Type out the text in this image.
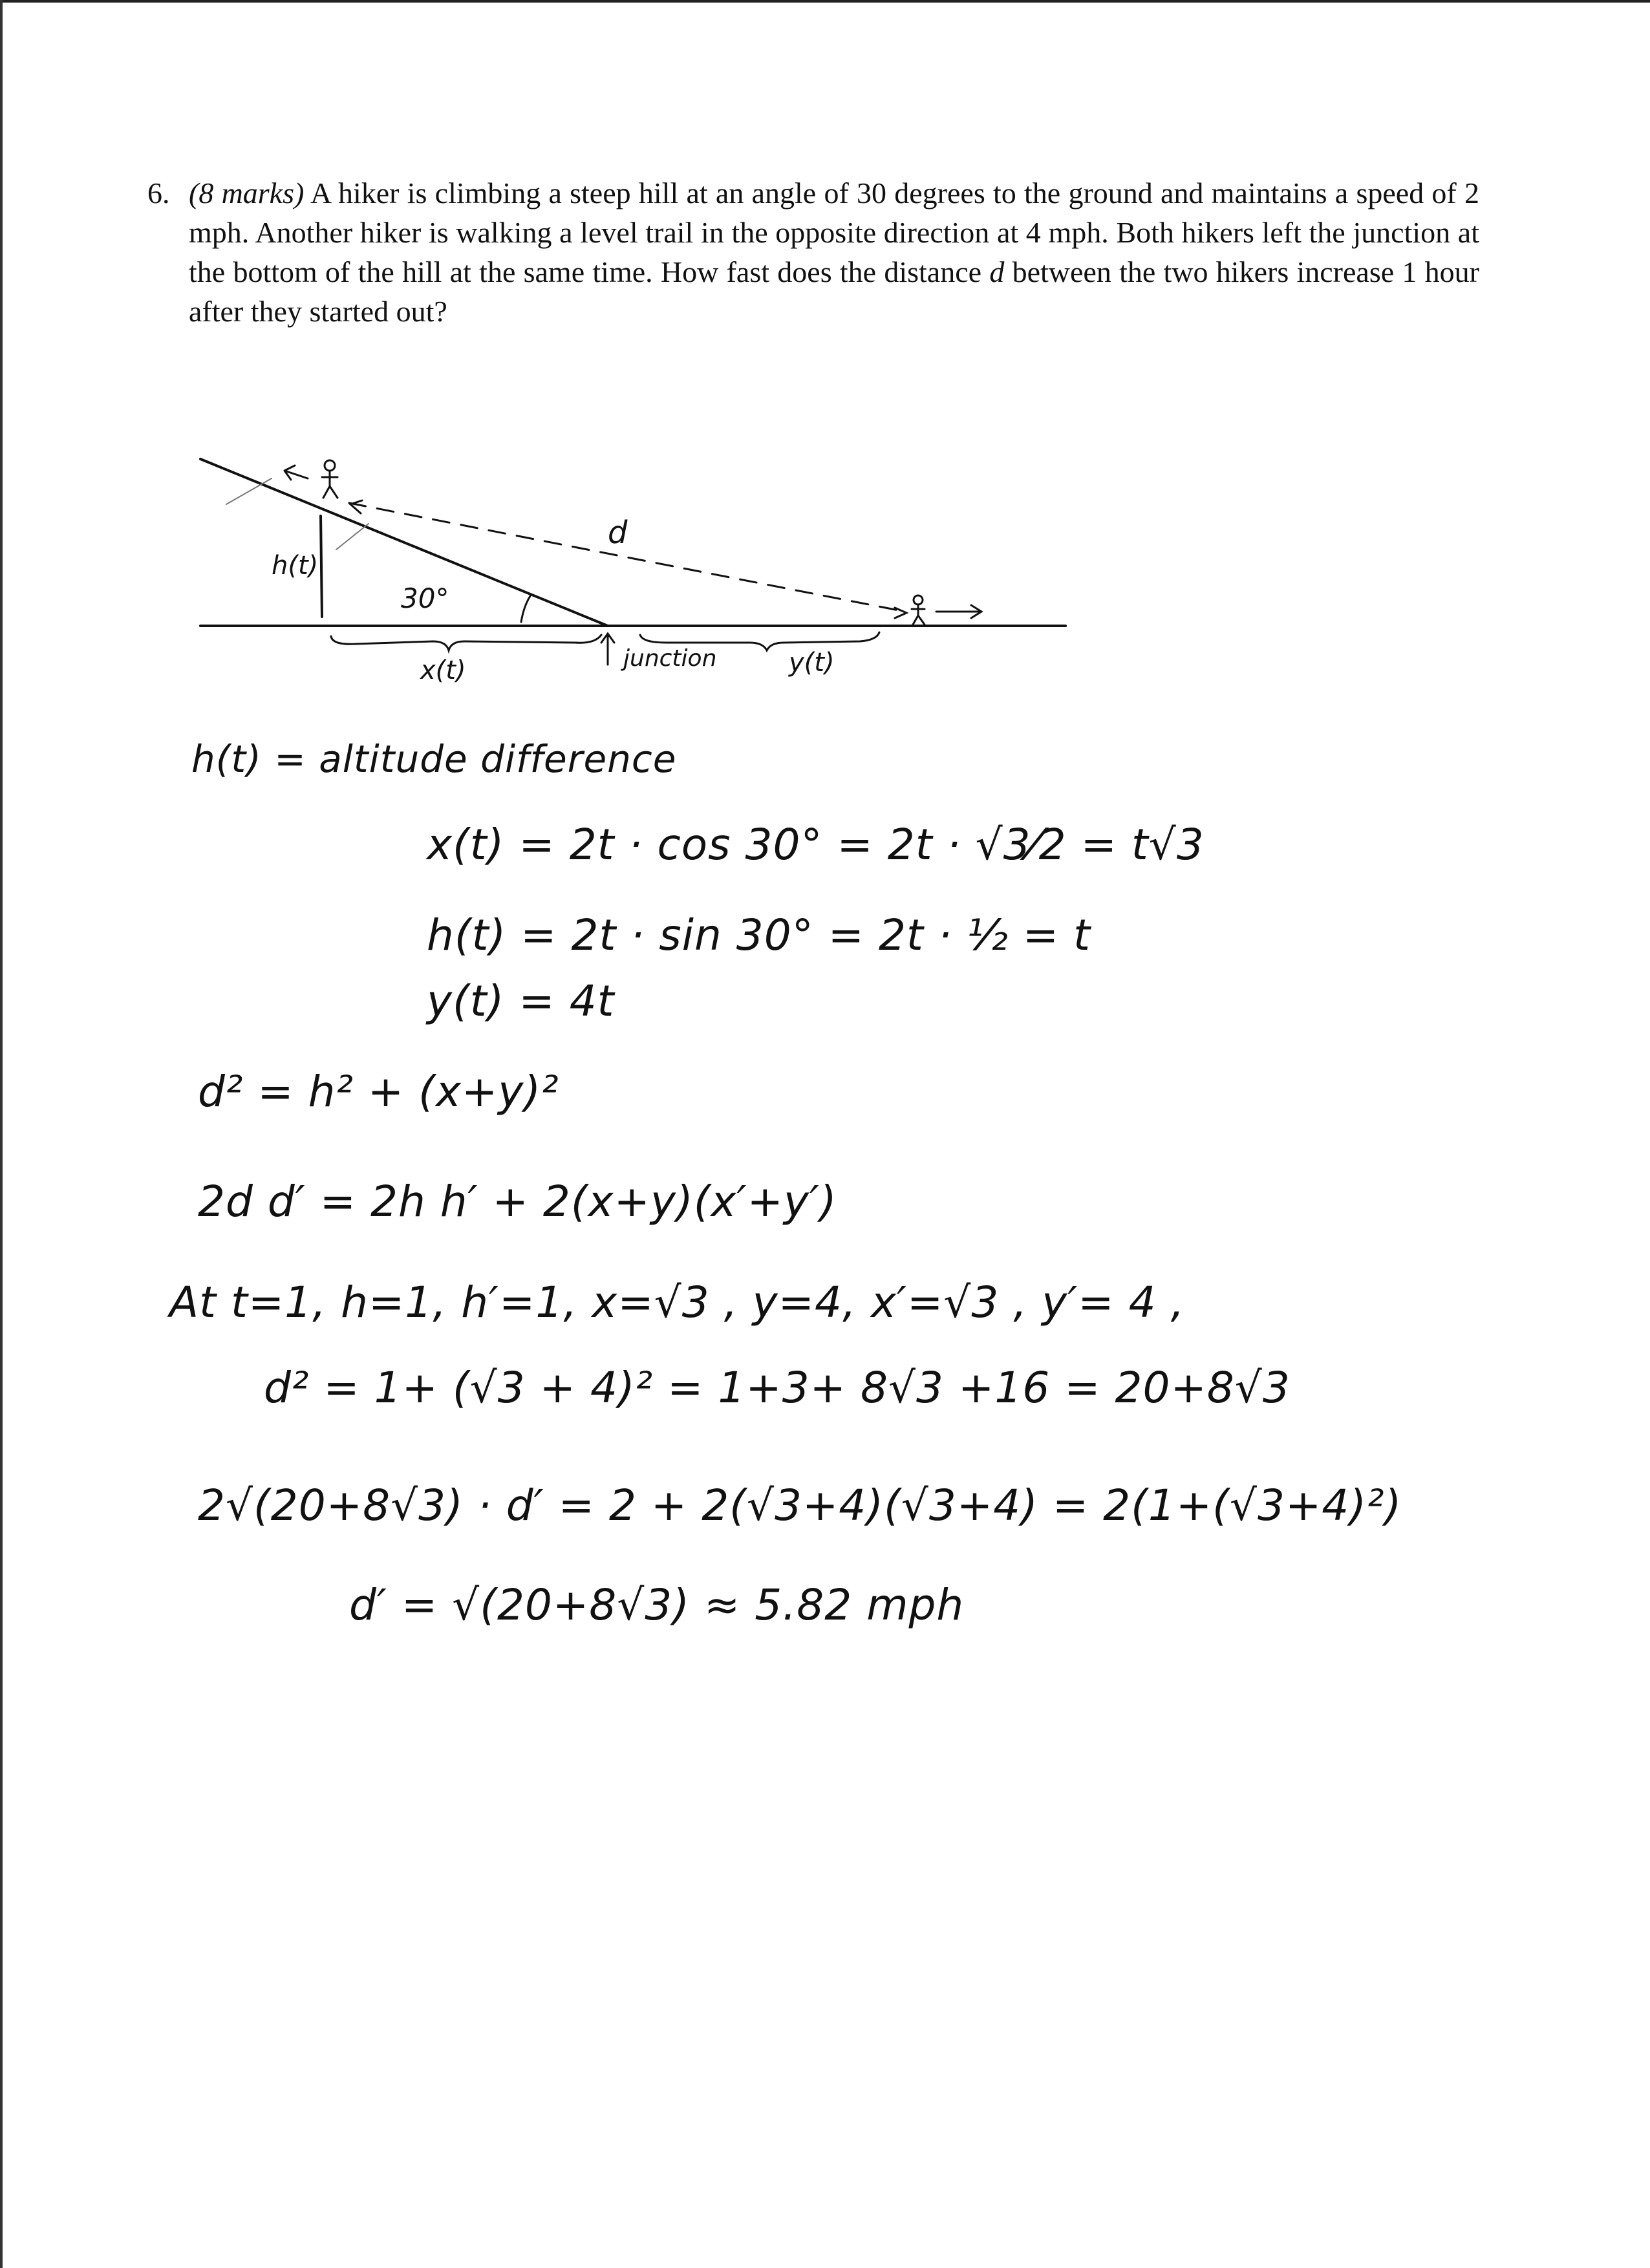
6. (8 marks) A hiker is climbing a steep hill at an angle of 30 degrees to the ground and maintains a speed of 2 mph. Another hiker is walking a level trail in the opposite direction at 4 mph. Both hikers left the junction at the bottom of the hill at the same time. How fast does the distance d between the two hikers increase 1 hour after they started out?
h(t)
30°
d
x(t)	junction	y(t)
h(t) = altitude difference
x(t) = 2t · cos 30° = 2t · √3⁄2 = t√3
h(t) = 2t · sin 30° = 2t · ½ = t
y(t) = 4t
d² = h² + (x+y)²
2d d′ = 2h h′ + 2(x+y)(x′+y′)
At t=1, h=1, h′=1, x=√3 , y=4, x′=√3 , y′= 4 ,
d² = 1+ (√3 + 4)² = 1+3+ 8√3 +16 = 20+8√3
2√(20+8√3) · d′ = 2 + 2(√3+4)(√3+4) = 2(1+(√3+4)²)
d′ = √(20+8√3) ≈ 5.82 mph
